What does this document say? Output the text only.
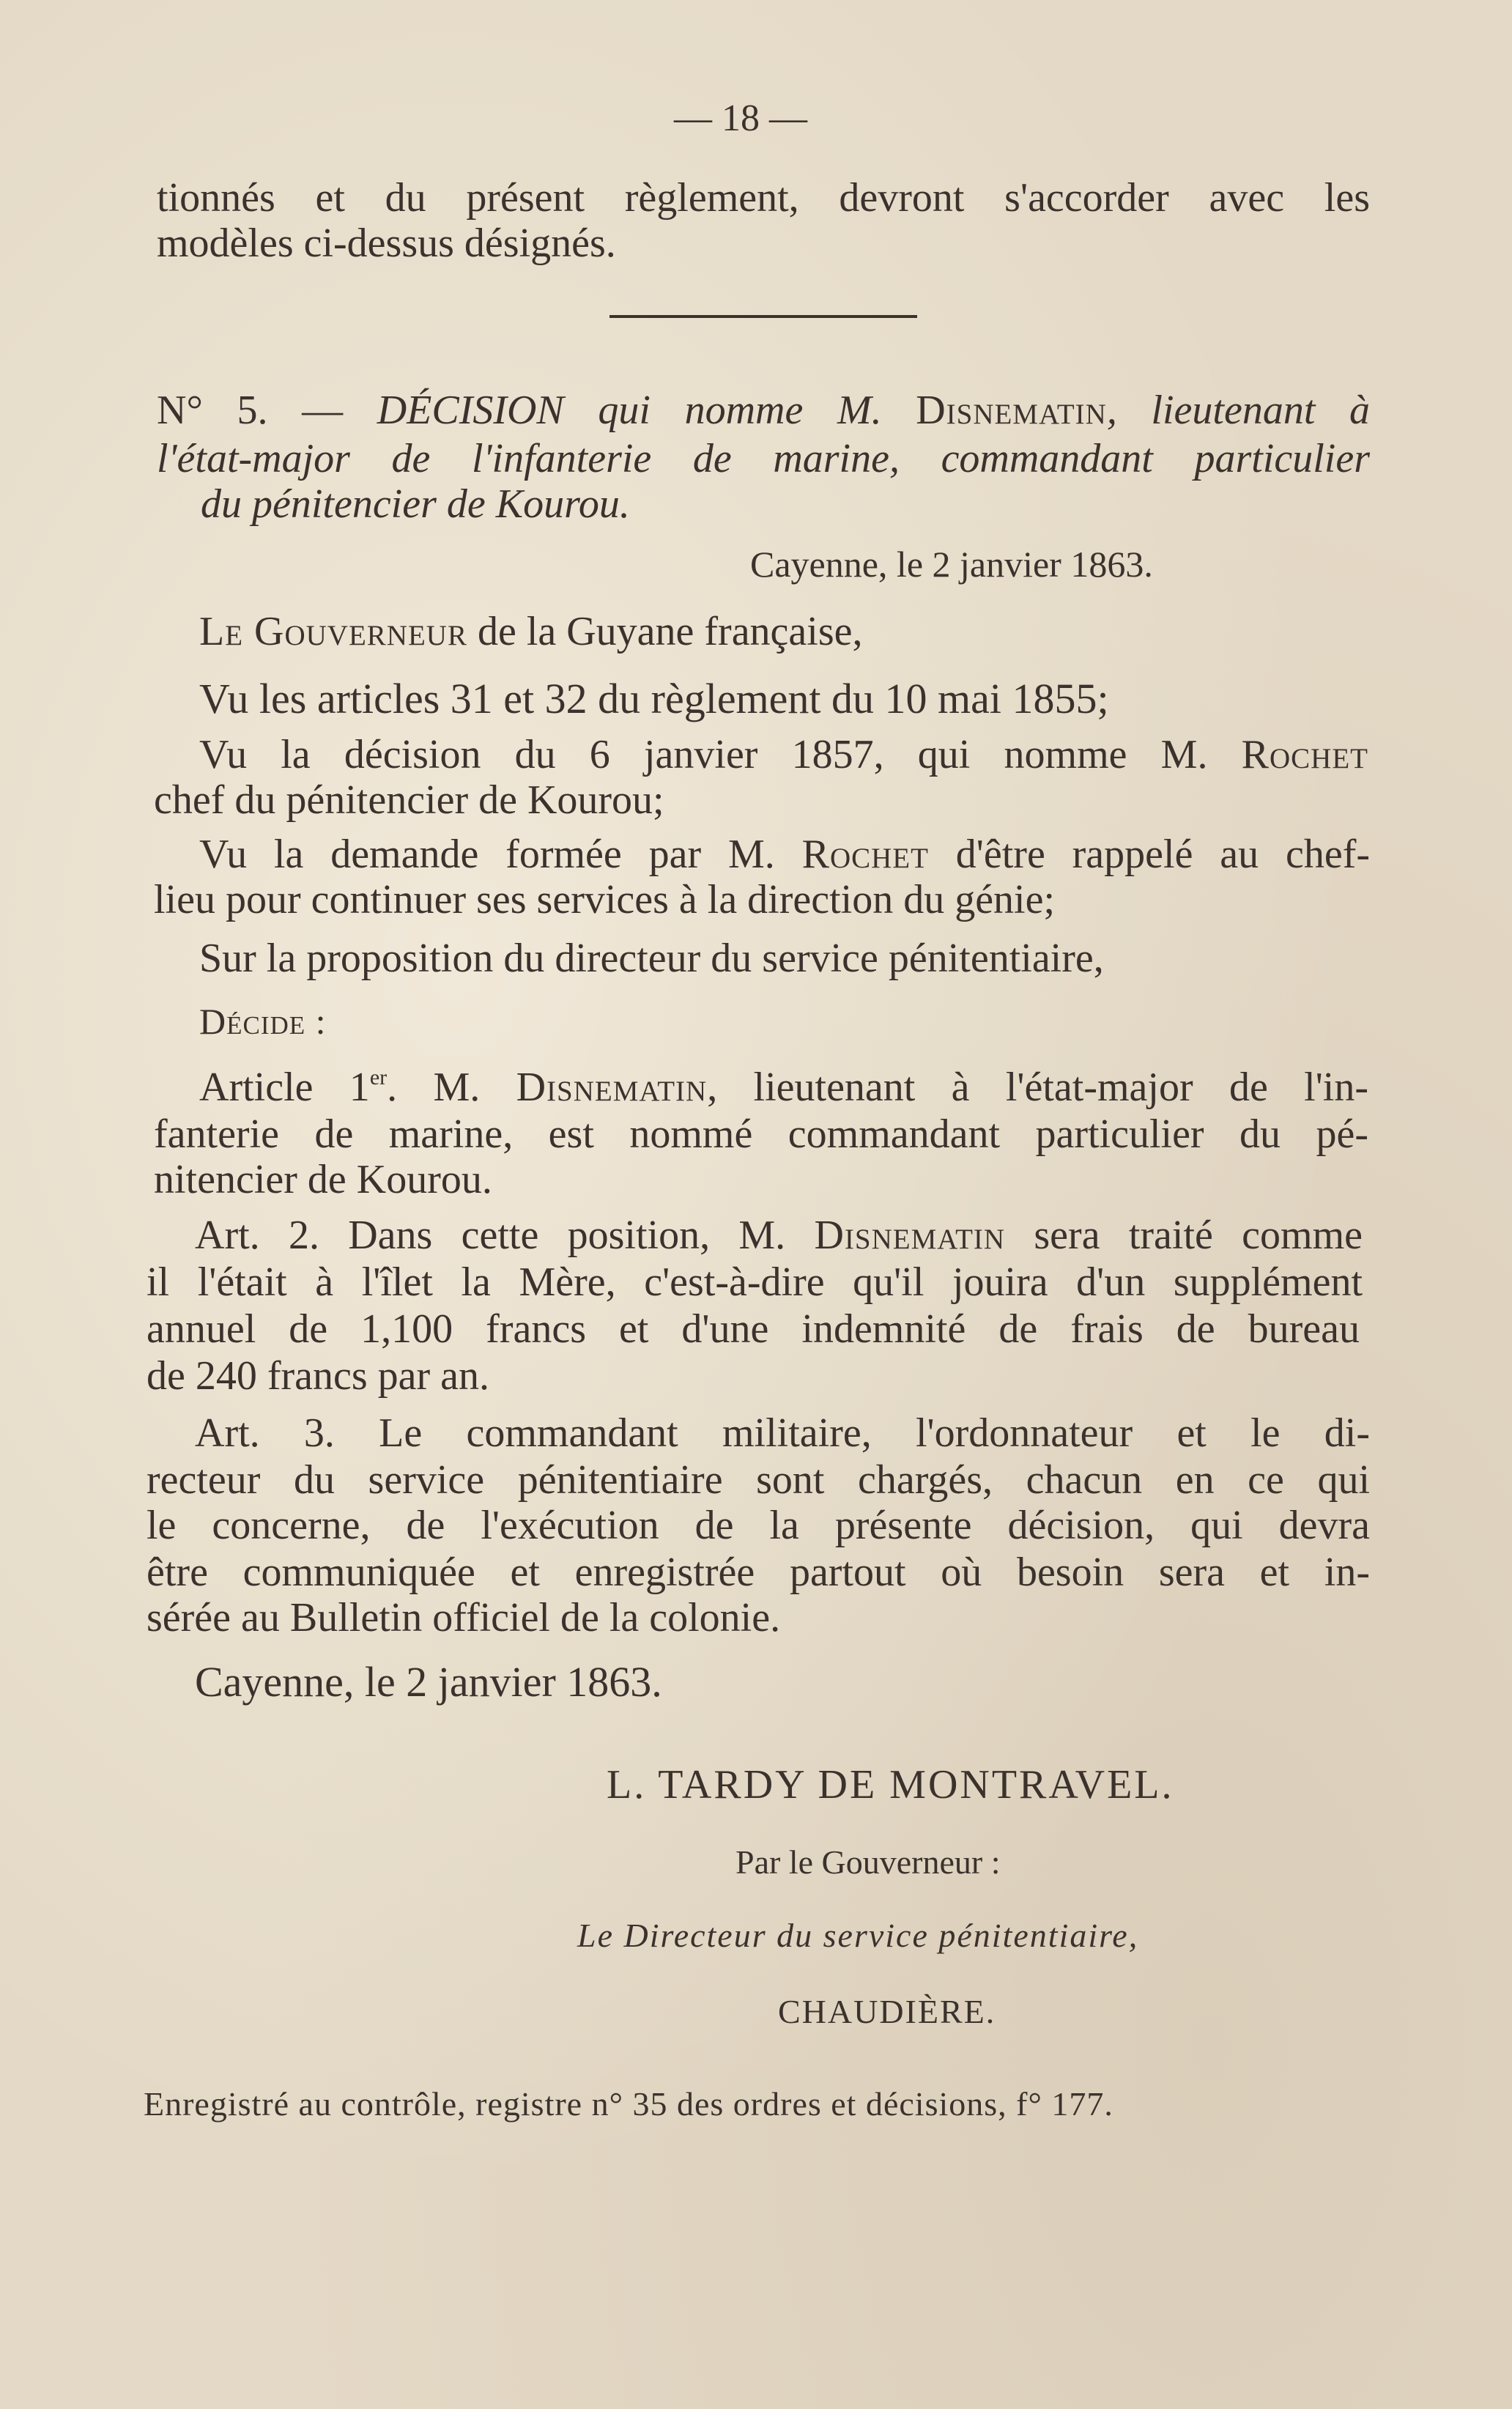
— 18 —
tionnés et du présent règlement, devront s'accorder avec les
modèles ci-dessus désignés.
N° 5. — DÉCISION qui nomme M. Disnematin, lieutenant à
l'état-major de l'infanterie de marine, commandant particulier
du pénitencier de Kourou.
Cayenne, le 2 janvier 1863.
Le Gouverneur de la Guyane française,
Vu les articles 31 et 32 du règlement du 10 mai 1855;
Vu la décision du 6 janvier 1857, qui nomme M. Rochet
chef du pénitencier de Kourou;
Vu la demande formée par M. Rochet d'être rappelé au chef-
lieu pour continuer ses services à la direction du génie;
Sur la proposition du directeur du service pénitentiaire,
Décide :
Article 1er. M. Disnematin, lieutenant à l'état-major de l'in-
fanterie de marine, est nommé commandant particulier du pé-
nitencier de Kourou.
Art. 2. Dans cette position, M. Disnematin sera traité comme
il l'était à l'îlet la Mère, c'est-à-dire qu'il jouira d'un supplément
annuel de 1,100 francs et d'une indemnité de frais de bureau
de 240 francs par an.
Art. 3. Le commandant militaire, l'ordonnateur et le di-
recteur du service pénitentiaire sont chargés, chacun en ce qui
le concerne, de l'exécution de la présente décision, qui devra
être communiquée et enregistrée partout où besoin sera et in-
sérée au Bulletin officiel de la colonie.
Cayenne, le 2 janvier 1863.
L. TARDY DE MONTRAVEL.
Par le Gouverneur :
Le Directeur du service pénitentiaire,
CHAUDIÈRE.
Enregistré au contrôle, registre n° 35 des ordres et décisions, f° 177.
